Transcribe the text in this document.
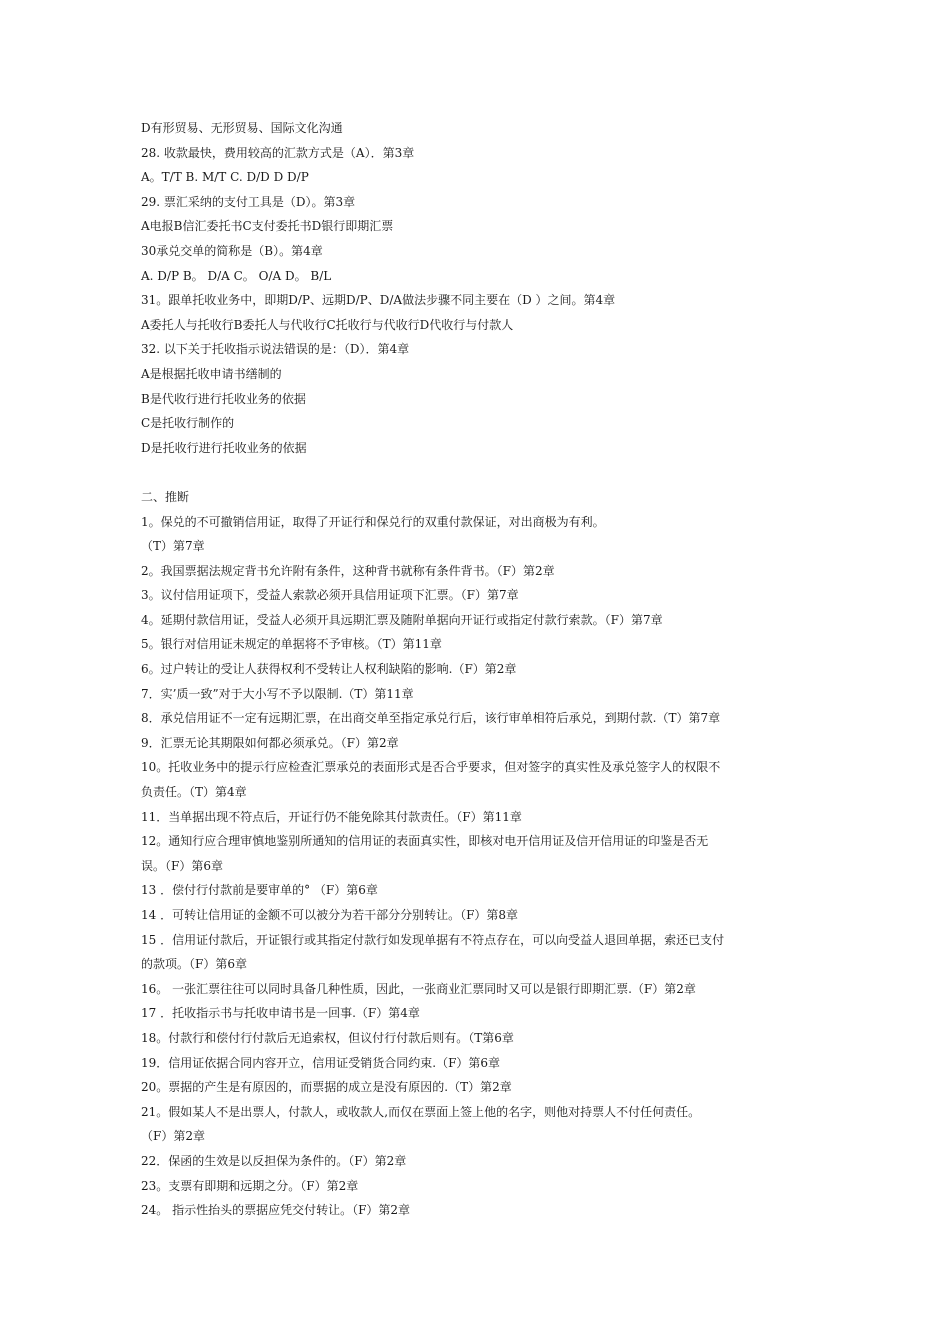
D有形贸易、无形贸易、国际文化沟通
28. 收款最快，费用较高的汇款方式是（A）．第3章
A。T/T B. M/T C. D/D D D/P
29. 票汇采纳的支付工具是（D）。第3章
A电报B信汇委托书C支付委托书D银行即期汇票
30承兑交单的简称是（B）。第4章
A. D/P B。 D/A C。 O/A D。 B/L
31。跟单托收业务中，即期D/P、远期D/P、D/A做法步骤不同主要在（D ）之间。第4章
A委托人与托收行B委托人与代收行C托收行与代收行D代收行与付款人
32. 以下关于托收指示说法错误的是：（D）．第4章
A是根据托收申请书缮制的
B是代收行进行托收业务的依据
C是托收行制作的
D是托收行进行托收业务的依据
二、推断
1。保兑的不可撤销信用证，取得了开证行和保兑行的双重付款保证，对出商极为有利。
（T）第7章
2。我国票据法规定背书允许附有条件，这种背书就称有条件背书。（F）第2章
3。议付信用证项下，受益人索款必须开具信用证项下汇票。（F）第7章
4。延期付款信用证，受益人必须开具远期汇票及随附单据向开证行或指定付款行索款。（F）第7章
5。银行对信用证未规定的单据将不予审核。（T）第11章
6。过户转让的受让人获得权利不受转让人权利缺陷的影响.（F）第2章
7．实’质一致”对于大小写不予以限制.（T）第11章
8．承兑信用证不一定有远期汇票，在出商交单至指定承兑行后，该行审单相符后承兑，到期付款.（T）第7章
9．汇票无论其期限如何都必须承兑。（F）第2章
10。托收业务中的提示行应检查汇票承兑的表面形式是否合乎要求，但对签字的真实性及承兑签字人的权限不
负责任。（T）第4章
11．当单据出现不符点后，开证行仍不能免除其付款责任。（F）第11章
12。通知行应合理审慎地鉴别所通知的信用证的表面真实性，即核对电开信用证及信开信用证的印鉴是否无
误。（F）第6章
13 ．偿付行付款前是要审单的° （F）第6章
14 ．可转让信用证的金额不可以被分为若干部分分别转让。（F）第8章
15 ．信用证付款后，开证银行或其指定付款行如发现单据有不符点存在，可以向受益人退回单据，索还已支付
的款项。（F）第6章
16。 一张汇票往往可以同时具备几种性质，因此，一张商业汇票同时又可以是银行即期汇票.（F）第2章
17 ．托收指示书与托收申请书是一回事.（F）第4章
18。付款行和偿付行付款后无追索权，但议付行付款后则有。（T第6章
19．信用证依据合同内容开立，信用证受销货合同约束.（F）第6章
20。票据的产生是有原因的，而票据的成立是没有原因的.（T）第2章
21。假如某人不是出票人，付款人，或收款人,而仅在票面上签上他的名字，则他对持票人不付任何责任。
（F）第2章
22．保函的生效是以反担保为条件的。（F）第2章
23。支票有即期和远期之分。（F）第2章
24。 指示性抬头的票据应凭交付转让。（F）第2章
